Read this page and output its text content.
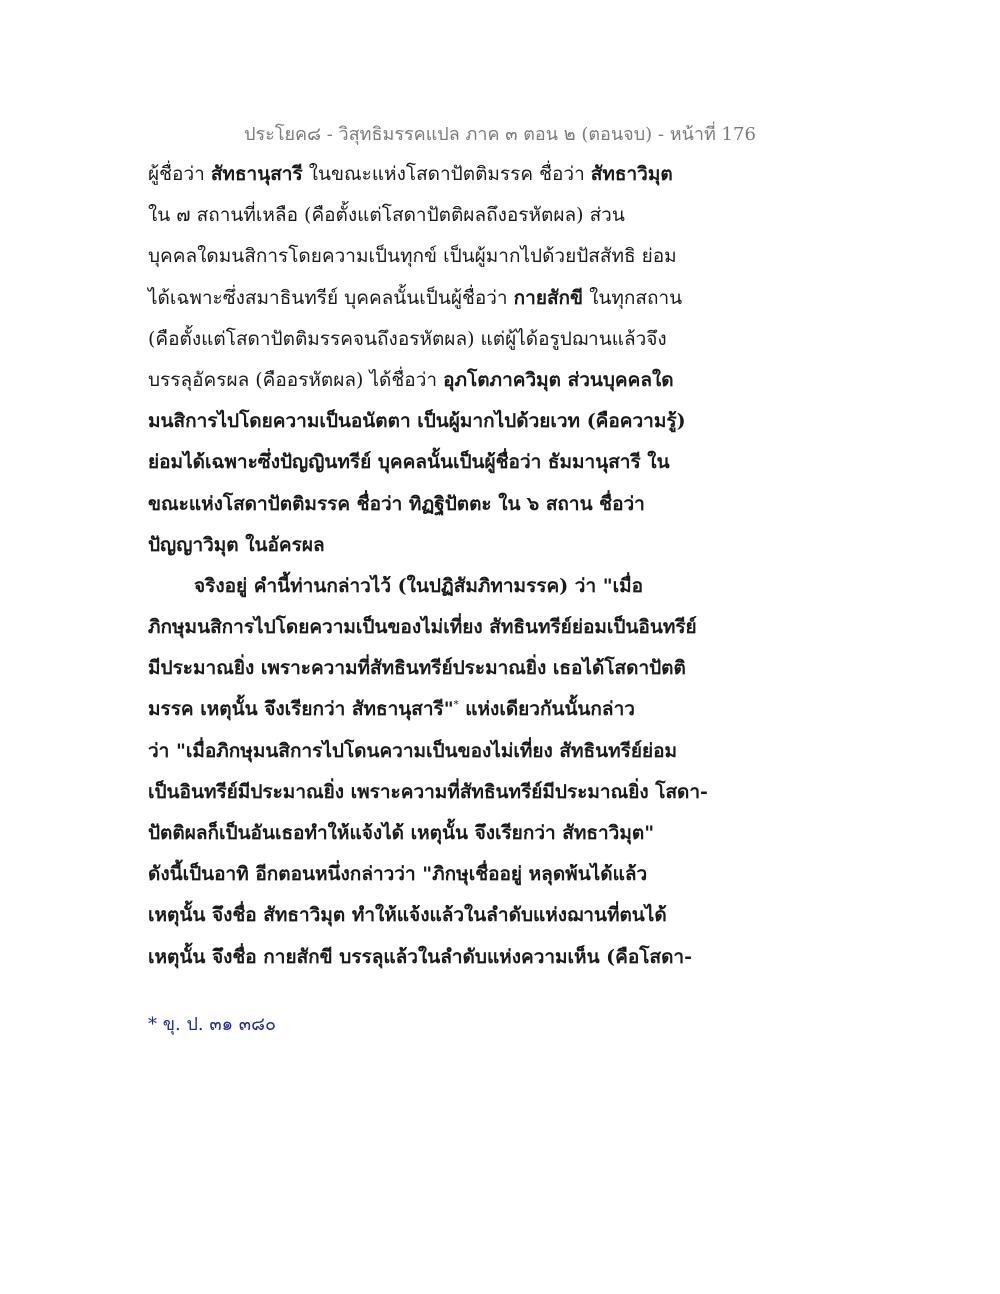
ประโยค๘ - วิสุทธิมรรคแปล ภาค ๓ ตอน ๒ (ตอนจบ) - หน้าที่ 176
ผู้ชื่อว่า สัทธานุสารี ในขณะแห่งโสดาปัตติมรรค ชื่อว่า สัทธาวิมุต
ใน ๗ สถานที่เหลือ (คือตั้งแต่โสดาปัตติผลถึงอรหัตผล) ส่วน
บุคคลใดมนสิการโดยความเป็นทุกข์ เป็นผู้มากไปด้วยปัสสัทธิ ย่อม
ได้เฉพาะซึ่งสมาธินทรีย์ บุคคลนั้นเป็นผู้ชื่อว่า กายสักขี ในทุกสถาน
(คือตั้งแต่โสดาปัตติมรรคจนถึงอรหัตผล) แต่ผู้ได้อรูปฌานแล้วจึง
บรรลุอัครผล (คืออรหัตผล) ได้ชื่อว่า อุภโตภาควิมุต ส่วนบุคคลใด
มนสิการไปโดยความเป็นอนัตตา เป็นผู้มากไปด้วยเวท (คือความรู้)
ย่อมได้เฉพาะซึ่งปัญญินทรีย์ บุคคลนั้นเป็นผู้ชื่อว่า ธัมมานุสารี ใน
ขณะแห่งโสดาปัตติมรรค ชื่อว่า ทิฏฐิปัตตะ ใน ๖ สถาน ชื่อว่า
ปัญญาวิมุต ในอัครผล
จริงอยู่ คำนี้ท่านกล่าวไว้ (ในปฏิสัมภิทามรรค) ว่า "เมื่อ
ภิกษุมนสิการไปโดยความเป็นของไม่เที่ยง สัทธินทรีย์ย่อมเป็นอินทรีย์
มีประมาณยิ่ง เพราะความที่สัทธินทรีย์ประมาณยิ่ง เธอได้โสดาปัตติ
มรรค เหตุนั้น จึงเรียกว่า สัทธานุสารี"* แห่งเดียวกันนั้นกล่าว
ว่า "เมื่อภิกษุมนสิการไปโดนความเป็นของไม่เที่ยง สัทธินทรีย์ย่อม
เป็นอินทรีย์มีประมาณยิ่ง เพราะความที่สัทธินทรีย์มีประมาณยิ่ง โสดา-
ปัตติผลก็เป็นอันเธอทำให้แจ้งได้ เหตุนั้น จึงเรียกว่า สัทธาวิมุต"
ดังนี้เป็นอาทิ อีกตอนหนึ่งกล่าวว่า "ภิกษุเชื่ออยู่ หลุดพ้นได้แล้ว
เหตุนั้น จึงชื่อ สัทธาวิมุต ทำให้แจ้งแล้วในลำดับแห่งฌานที่ตนได้
เหตุนั้น จึงชื่อ กายสักขี บรรลุแล้วในลำดับแห่งความเห็น (คือโสดา-
* ขุ. ป. ๓๑ ๓๘๐
